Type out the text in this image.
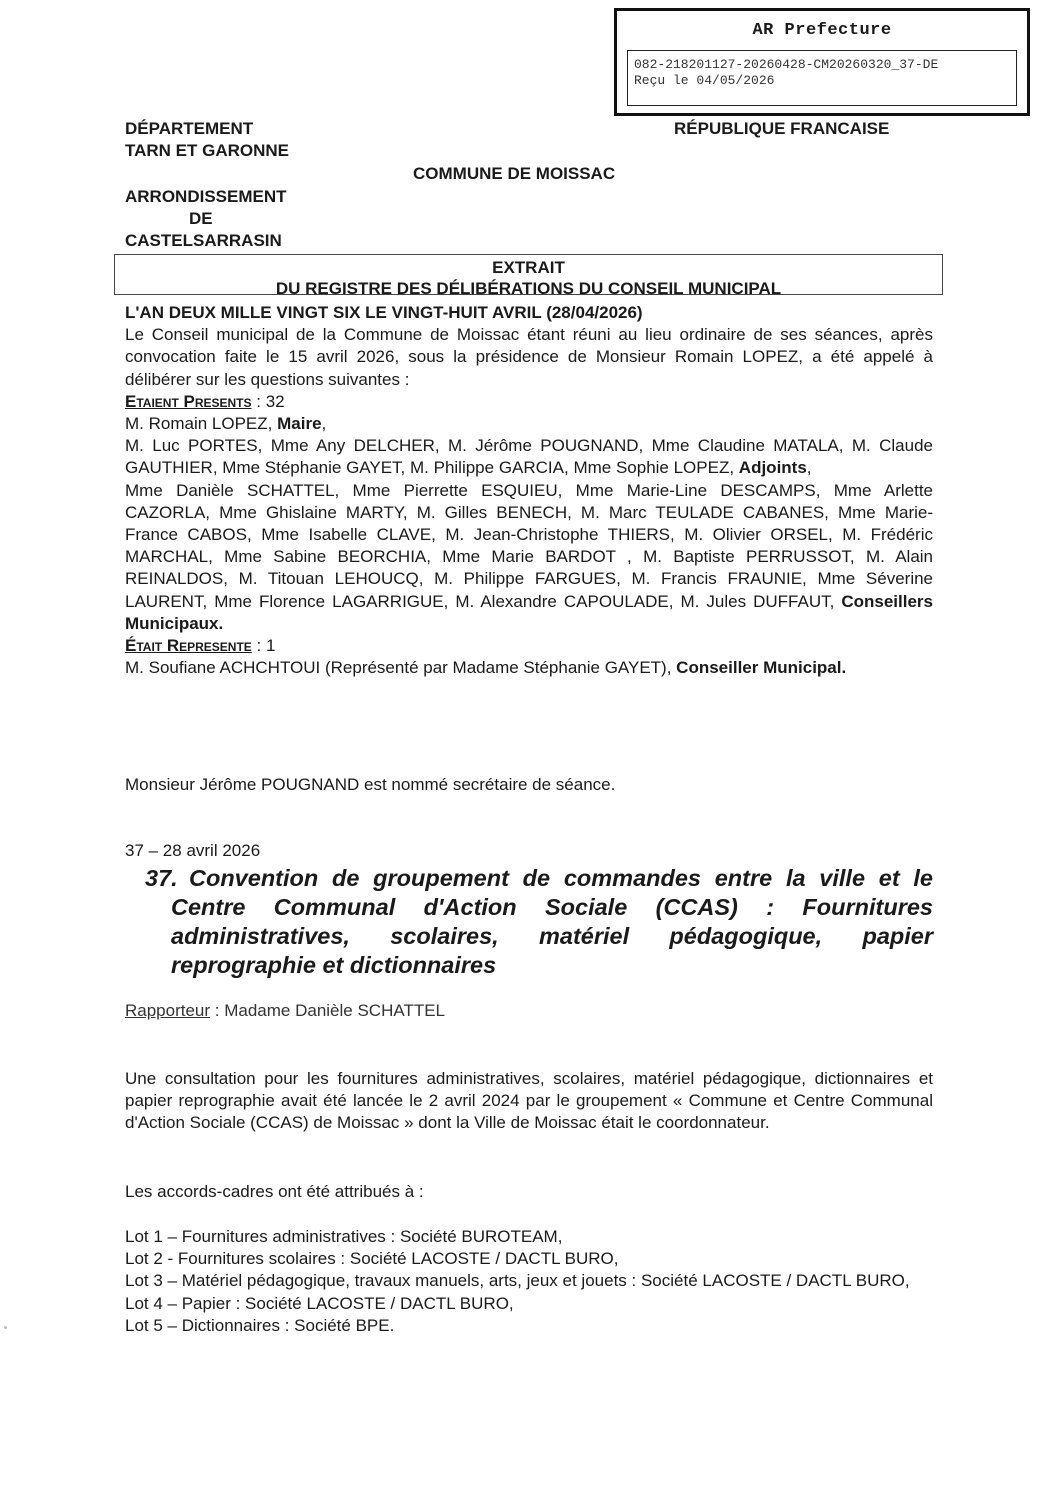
AR Prefecture
082-218201127-20260428-CM20260320_37-DE
Reçu le 04/05/2026
DÉPARTEMENT
TARN ET GARONNE
ARRONDISSEMENT
DE
CASTELSARRASIN
RÉPUBLIQUE FRANCAISE
COMMUNE DE MOISSAC
EXTRAIT
DU REGISTRE DES DÉLIBÉRATIONS DU CONSEIL MUNICIPAL
L'AN DEUX MILLE VINGT SIX LE VINGT-HUIT AVRIL (28/04/2026)
Le Conseil municipal de la Commune de Moissac étant réuni au lieu ordinaire de ses séances, après convocation faite le 15 avril 2026, sous la présidence de Monsieur Romain LOPEZ, a été appelé à délibérer sur les questions suivantes :
Etaient Presents : 32
M. Romain LOPEZ, Maire,
M. Luc PORTES, Mme Any DELCHER, M. Jérôme POUGNAND, Mme Claudine MATALA, M. Claude GAUTHIER, Mme Stéphanie GAYET, M. Philippe GARCIA, Mme Sophie LOPEZ, Adjoints,
Mme Danièle SCHATTEL, Mme Pierrette ESQUIEU, Mme Marie-Line DESCAMPS, Mme Arlette CAZORLA, Mme Ghislaine MARTY, M. Gilles BENECH, M. Marc TEULADE CABANES, Mme Marie-France CABOS, Mme Isabelle CLAVE, M. Jean-Christophe THIERS, M. Olivier ORSEL, M. Frédéric MARCHAL, Mme Sabine BEORCHIA, Mme Marie BARDOT , M. Baptiste PERRUSSOT, M. Alain REINALDOS, M. Titouan LEHOUCQ, M. Philippe FARGUES, M. Francis FRAUNIE, Mme Séverine LAURENT, Mme Florence LAGARRIGUE, M. Alexandre CAPOULADE, M. Jules DUFFAUT, Conseillers Municipaux.
Était Represente : 1
M. Soufiane ACHCHTOUI (Représenté par Madame Stéphanie GAYET), Conseiller Municipal.
Monsieur Jérôme POUGNAND est nommé secrétaire de séance.
37 – 28 avril 2026
37. Convention de groupement de commandes entre la ville et le
Centre Communal d'Action Sociale (CCAS) : Fournitures administratives, scolaires, matériel pédagogique, papier reprographie et dictionnaires
Rapporteur : Madame Danièle SCHATTEL
Une consultation pour les fournitures administratives, scolaires, matériel pédagogique, dictionnaires et papier reprographie avait été lancée le 2 avril 2024 par le groupement « Commune et Centre Communal d'Action Sociale (CCAS) de Moissac » dont la Ville de Moissac était le coordonnateur.
Les accords-cadres ont été attribués à :
Lot 1 – Fournitures administratives : Société BUROTEAM,
Lot 2 - Fournitures scolaires : Société LACOSTE / DACTL BURO,
Lot 3 – Matériel pédagogique, travaux manuels, arts, jeux et jouets : Société LACOSTE / DACTL BURO,
Lot 4 – Papier : Société LACOSTE / DACTL BURO,
Lot 5 – Dictionnaires : Société BPE.
